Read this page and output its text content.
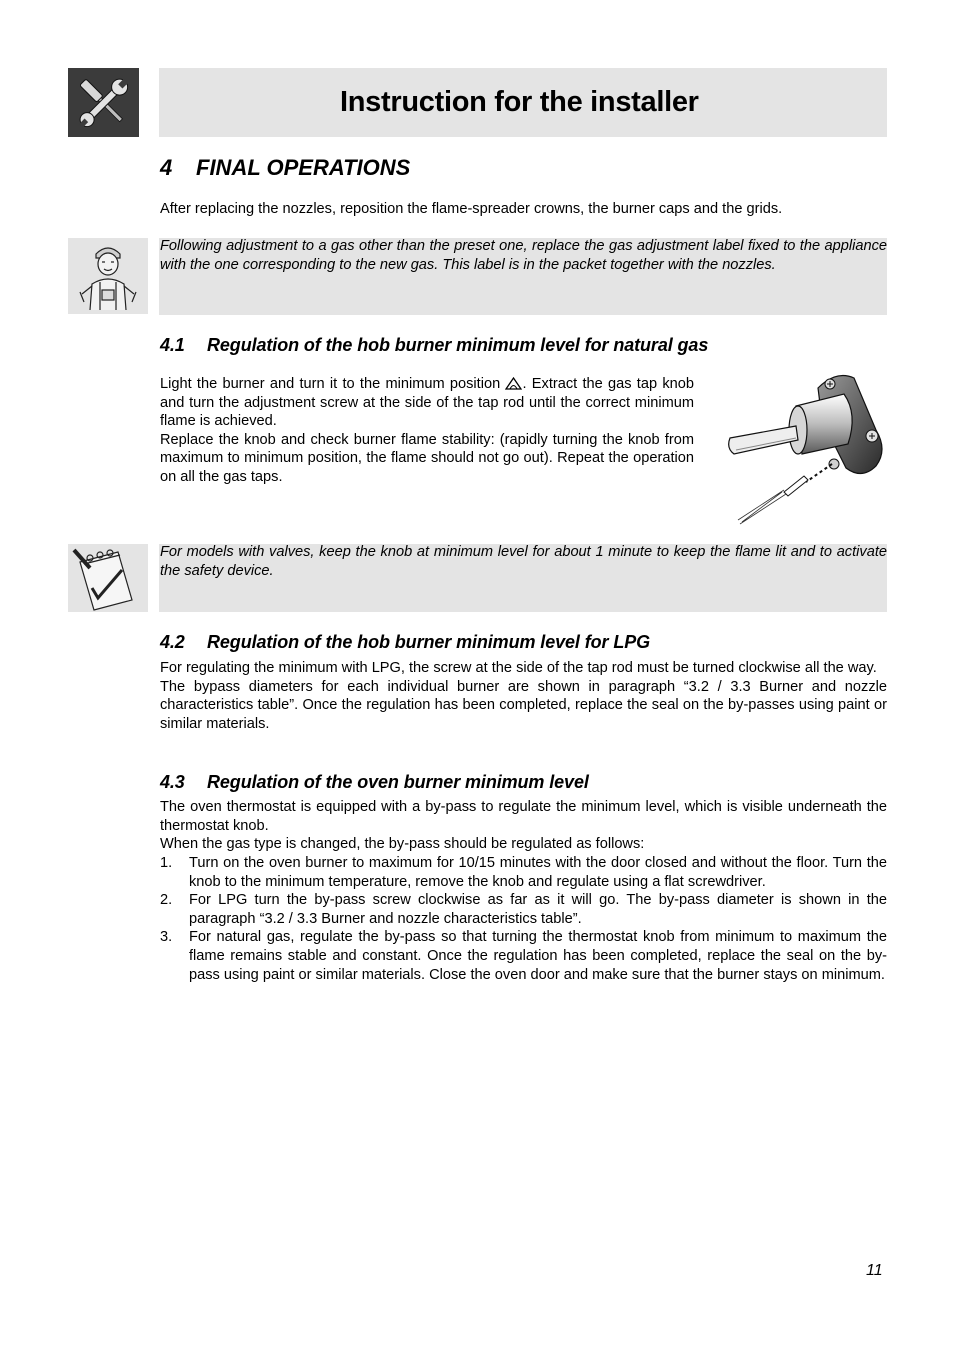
Instruction for the installer
4 FINAL OPERATIONS

After replacing the nozzles, reposition the flame-spreader crowns, the burner caps and the grids.

Following adjustment to a gas other than the preset one, replace the gas adjustment label fixed to the appliance with the one corresponding to the new gas. This label is in the packet together with the nozzles.

4.1 Regulation of the hob burner minimum level for natural gas

Light the burner and turn it to the minimum position . Extract the gas tap knob and turn the adjustment screw at the side of the tap rod until the correct minimum flame is achieved.
Replace the knob and check burner flame stability: (rapidly turning the knob from maximum to minimum position, the flame should not go out). Repeat the operation on all the gas taps.

For models with valves, keep the knob at minimum level for about 1 minute to keep the flame lit and to activate the safety device.

4.2 Regulation of the hob burner minimum level for LPG

For regulating the minimum with LPG, the screw at the side of the tap rod must be turned clockwise all the way.
The bypass diameters for each individual burner are shown in paragraph “3.2 / 3.3 Burner and nozzle characteristics table”. Once the regulation has been completed, replace the seal on the by-passes using paint or similar materials.

4.3 Regulation of the oven burner minimum level

The oven thermostat is equipped with a by-pass to regulate the minimum level, which is visible underneath the thermostat knob.
When the gas type is changed, the by-pass should be regulated as follows:

1. Turn on the oven burner to maximum for 10/15 minutes with the door closed and without the floor. Turn the knob to the minimum temperature, remove the knob and regulate using a flat screwdriver.
2. For LPG turn the by-pass screw clockwise as far as it will go. The by-pass diameter is shown in the paragraph “3.2 / 3.3 Burner and nozzle characteristics table”.
3. For natural gas, regulate the by-pass so that turning the thermostat knob from minimum to maximum the flame remains stable and constant. Once the regulation has been completed, replace the seal on the by-pass using paint or similar materials. Close the oven door and make sure that the burner stays on minimum.
11
